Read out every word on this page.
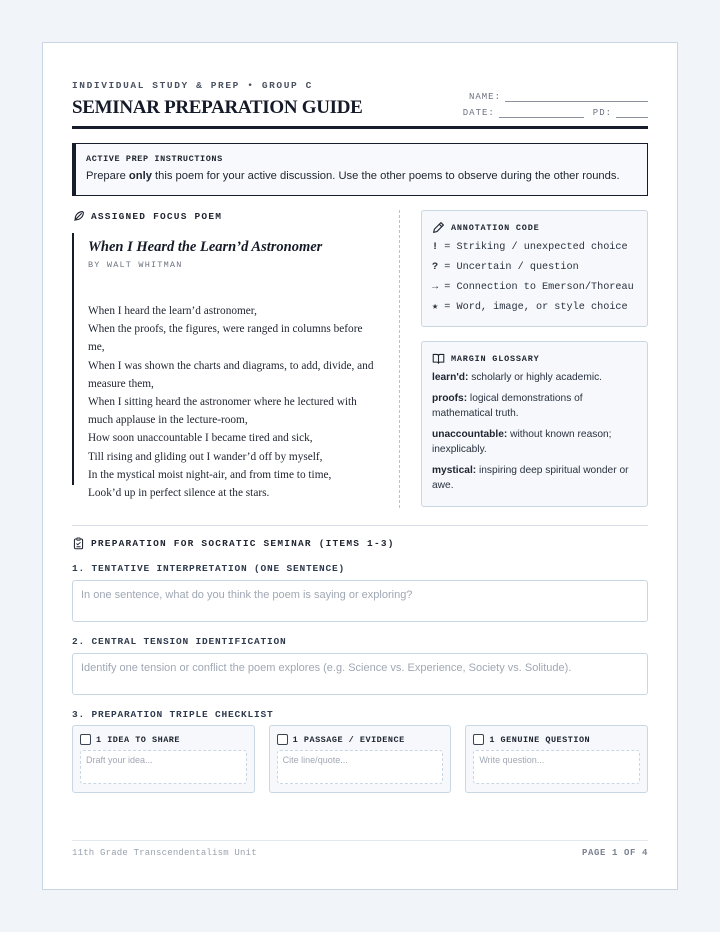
INDIVIDUAL STUDY & PREP • GROUP C
SEMINAR PREPARATION GUIDE	NAME:
DATE:	PD:
ACTIVE PREP INSTRUCTIONS
Prepare only this poem for your active discussion. Use the other poems to observe during the other rounds.
ASSIGNED FOCUS POEM
When I Heard the Learn’d Astronomer
BY WALT WHITMAN
When I heard the learn’d astronomer,
When the proofs, the figures, were ranged in columns before me,
When I was shown the charts and diagrams, to add, divide, and measure them,
When I sitting heard the astronomer where he lectured with much applause in the lecture-room,
How soon unaccountable I became tired and sick,
Till rising and gliding out I wander’d off by myself,
In the mystical moist night-air, and from time to time,
Look’d up in perfect silence at the stars.
ANNOTATION CODE
! = Striking / unexpected choice
? = Uncertain / question
→ = Connection to Emerson/Thoreau
★ = Word, image, or style choice
MARGIN GLOSSARY
learn'd: scholarly or highly academic.
proofs: logical demonstrations of mathematical truth.
unaccountable: without known reason; inexplicably.
mystical: inspiring deep spiritual wonder or awe.
PREPARATION FOR SOCRATIC SEMINAR (ITEMS 1-3)
1. TENTATIVE INTERPRETATION (ONE SENTENCE)
In one sentence, what do you think the poem is saying or exploring?
2. CENTRAL TENSION IDENTIFICATION
Identify one tension or conflict the poem explores (e.g. Science vs. Experience, Society vs. Solitude).
3. PREPARATION TRIPLE CHECKLIST
1 IDEA TO SHARE
Draft your idea...
1 PASSAGE / EVIDENCE
Cite line/quote...
1 GENUINE QUESTION
Write question...
11th Grade Transcendentalism Unit	PAGE 1 OF 4
